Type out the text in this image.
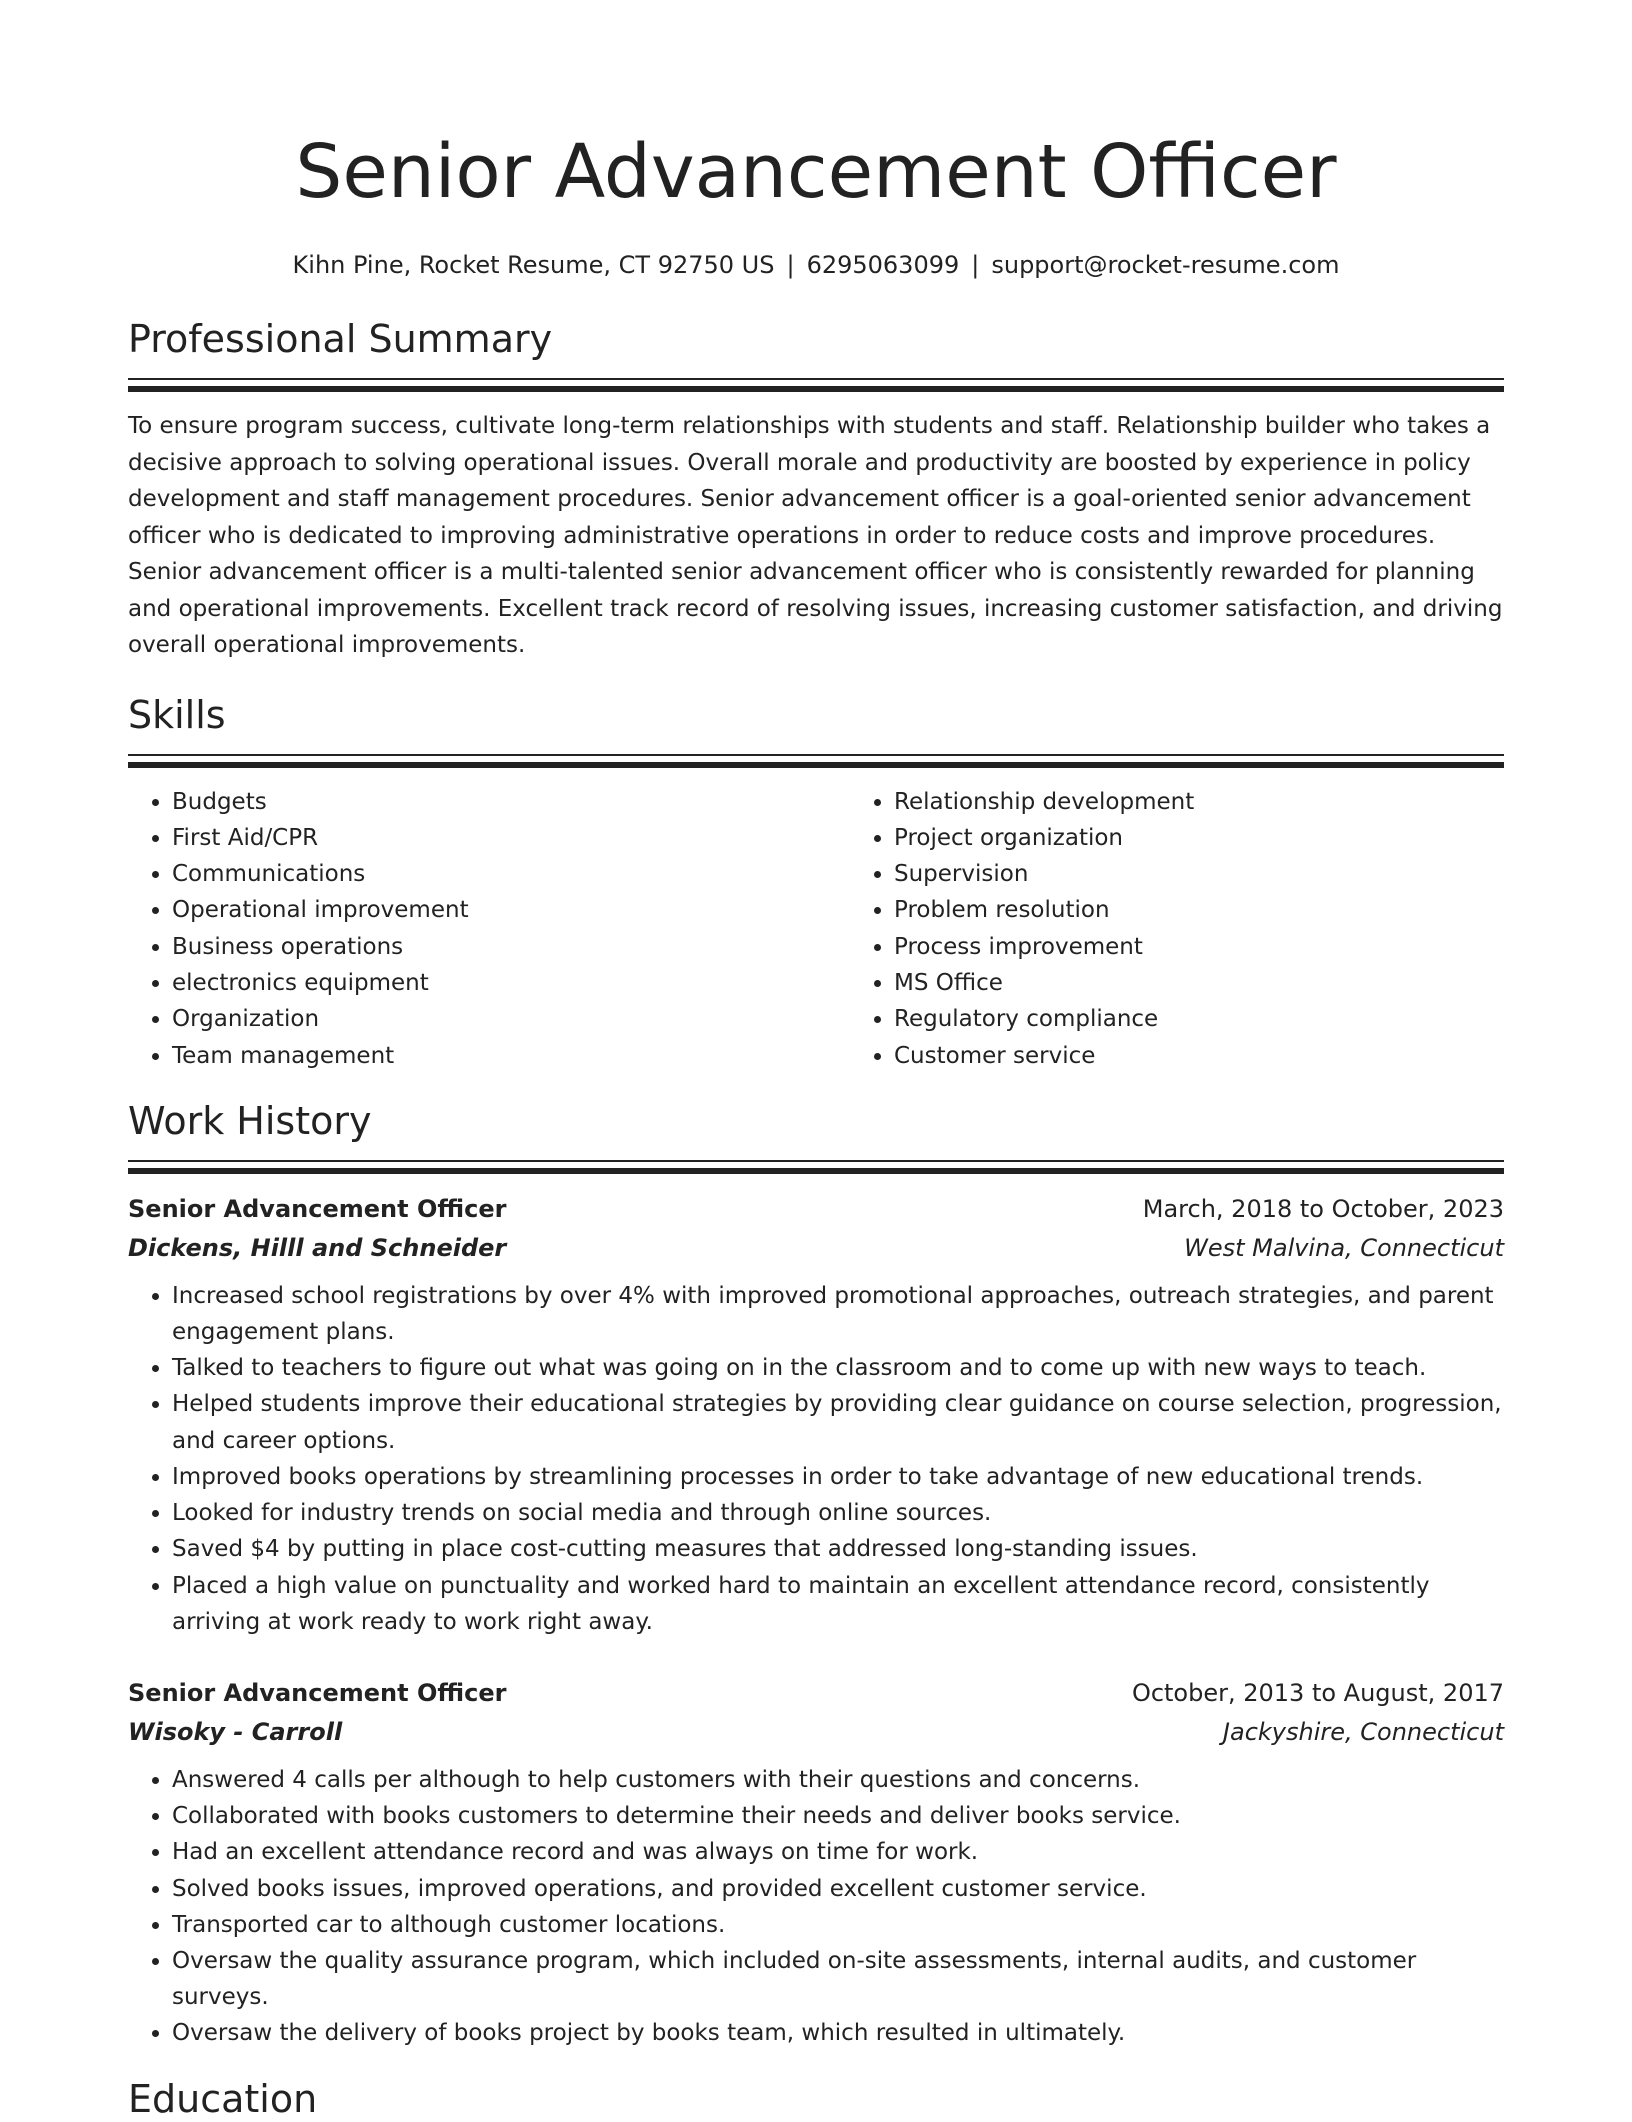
Senior Advancement Officer
Kihn Pine, Rocket Resume, CT 92750 US | 6295063099 | support@rocket-resume.com
Professional Summary

To ensure program success, cultivate long-term relationships with students and staff. Relationship builder who takes a decisive approach to solving operational issues. Overall morale and productivity are boosted by experience in policy development and staff management procedures. Senior advancement officer is a goal-oriented senior advancement officer who is dedicated to improving administrative operations in order to reduce costs and improve procedures. Senior advancement officer is a multi-talented senior advancement officer who is consistently rewarded for planning and operational improvements. Excellent track record of resolving issues, increasing customer satisfaction, and driving overall operational improvements.

Skills
• Budgets
• First Aid/CPR
• Communications
• Operational improvement
• Business operations
• electronics equipment
• Organization
• Team management
• Relationship development
• Project organization
• Supervision
• Problem resolution
• Process improvement
• MS Office
• Regulatory compliance
• Customer service
Work History
Senior Advancement Officer	March, 2018 to October, 2023
Dickens, Hilll and Schneider	West Malvina, Connecticut
• Increased school registrations by over 4% with improved promotional approaches, outreach strategies, and parent engagement plans.
• Talked to teachers to figure out what was going on in the classroom and to come up with new ways to teach.
• Helped students improve their educational strategies by providing clear guidance on course selection, progression, and career options.
• Improved books operations by streamlining processes in order to take advantage of new educational trends.
• Looked for industry trends on social media and through online sources.
• Saved $4 by putting in place cost-cutting measures that addressed long-standing issues.
• Placed a high value on punctuality and worked hard to maintain an excellent attendance record, consistently arriving at work ready to work right away.
Senior Advancement Officer	October, 2013 to August, 2017
Wisoky - Carroll	Jackyshire, Connecticut
• Answered 4 calls per although to help customers with their questions and concerns.
• Collaborated with books customers to determine their needs and deliver books service.
• Had an excellent attendance record and was always on time for work.
• Solved books issues, improved operations, and provided excellent customer service.
• Transported car to although customer locations.
• Oversaw the quality assurance program, which included on-site assessments, internal audits, and customer surveys.
• Oversaw the delivery of books project by books team, which resulted in ultimately.
Education
